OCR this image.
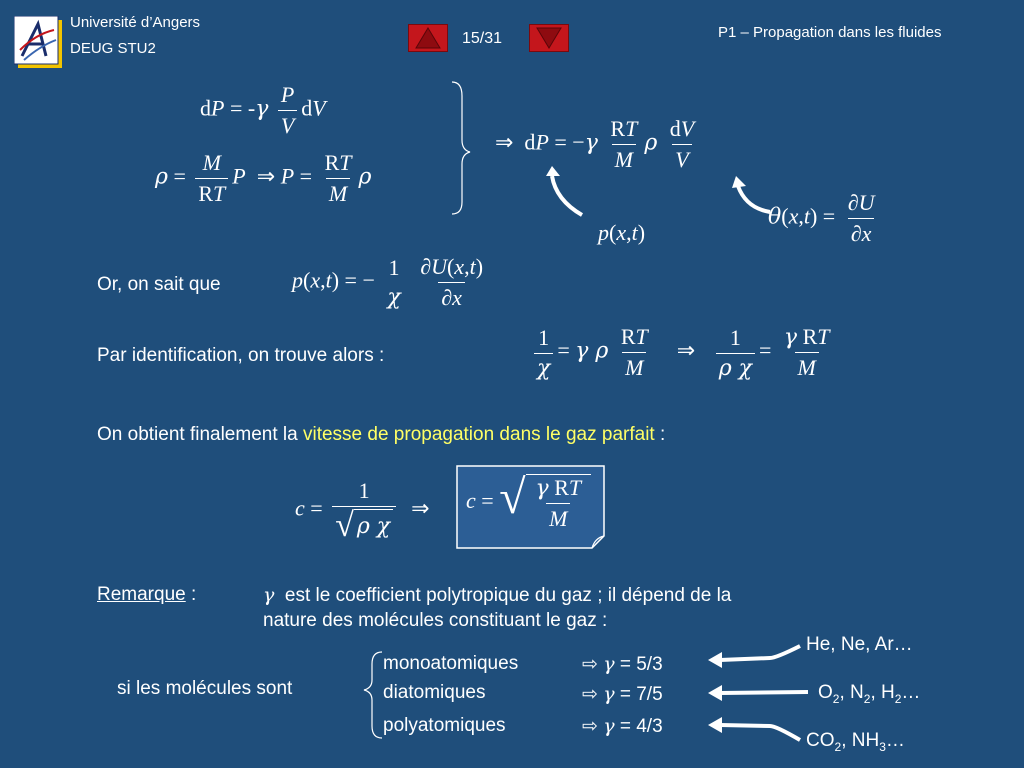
Université d’Angers
DEUG STU2
15/31	P1 – Propagation dans les fluides
dP = $-\gamma \frac{P}{V}$ dV
$\rho = \frac{M}{RT}$ P  ⇒ $P = \frac{RT}{M}$ ρ
⇒  dP = $-\gamma \frac{RT}{M}$ ρ $\frac{dV}{V}$
p(x,t)
$\theta(x,t) = \frac{\partial U}{\partial x}$
Or, on sait que	p(x,t) = −
1
χ
$\frac{\partial U(x,t)}{\partial x}$
Par identification, on trouve alors :	$\frac{1}{\chi} = \gamma$ ρ $\frac{RT}{M}$ ⇒ $\frac{1}{\text{ρ χ}} = \frac{\text{γ RT}}{M}$
On obtient finalement la vitesse de propagation dans le gaz parfait :
$c = \frac{1}{\text{√ ρ χ}}$ ⇒ c = √ $\frac{\text{γ RT}}{M}$
Remarque :	γ est le coefficient polytropique du gaz ; il dépend de la
nature des molécules constituant le gaz :
si les molécules sont
monoatomiques	⇨ γ = 5/3
diatomiques	⇨ γ = 7/5
polyatomiques	⇨ γ = 4/3
He, Ne, Ar…
$O_2$, $N_2$, $H_2\dots$
$CO_2$, $NH_3\dots$
